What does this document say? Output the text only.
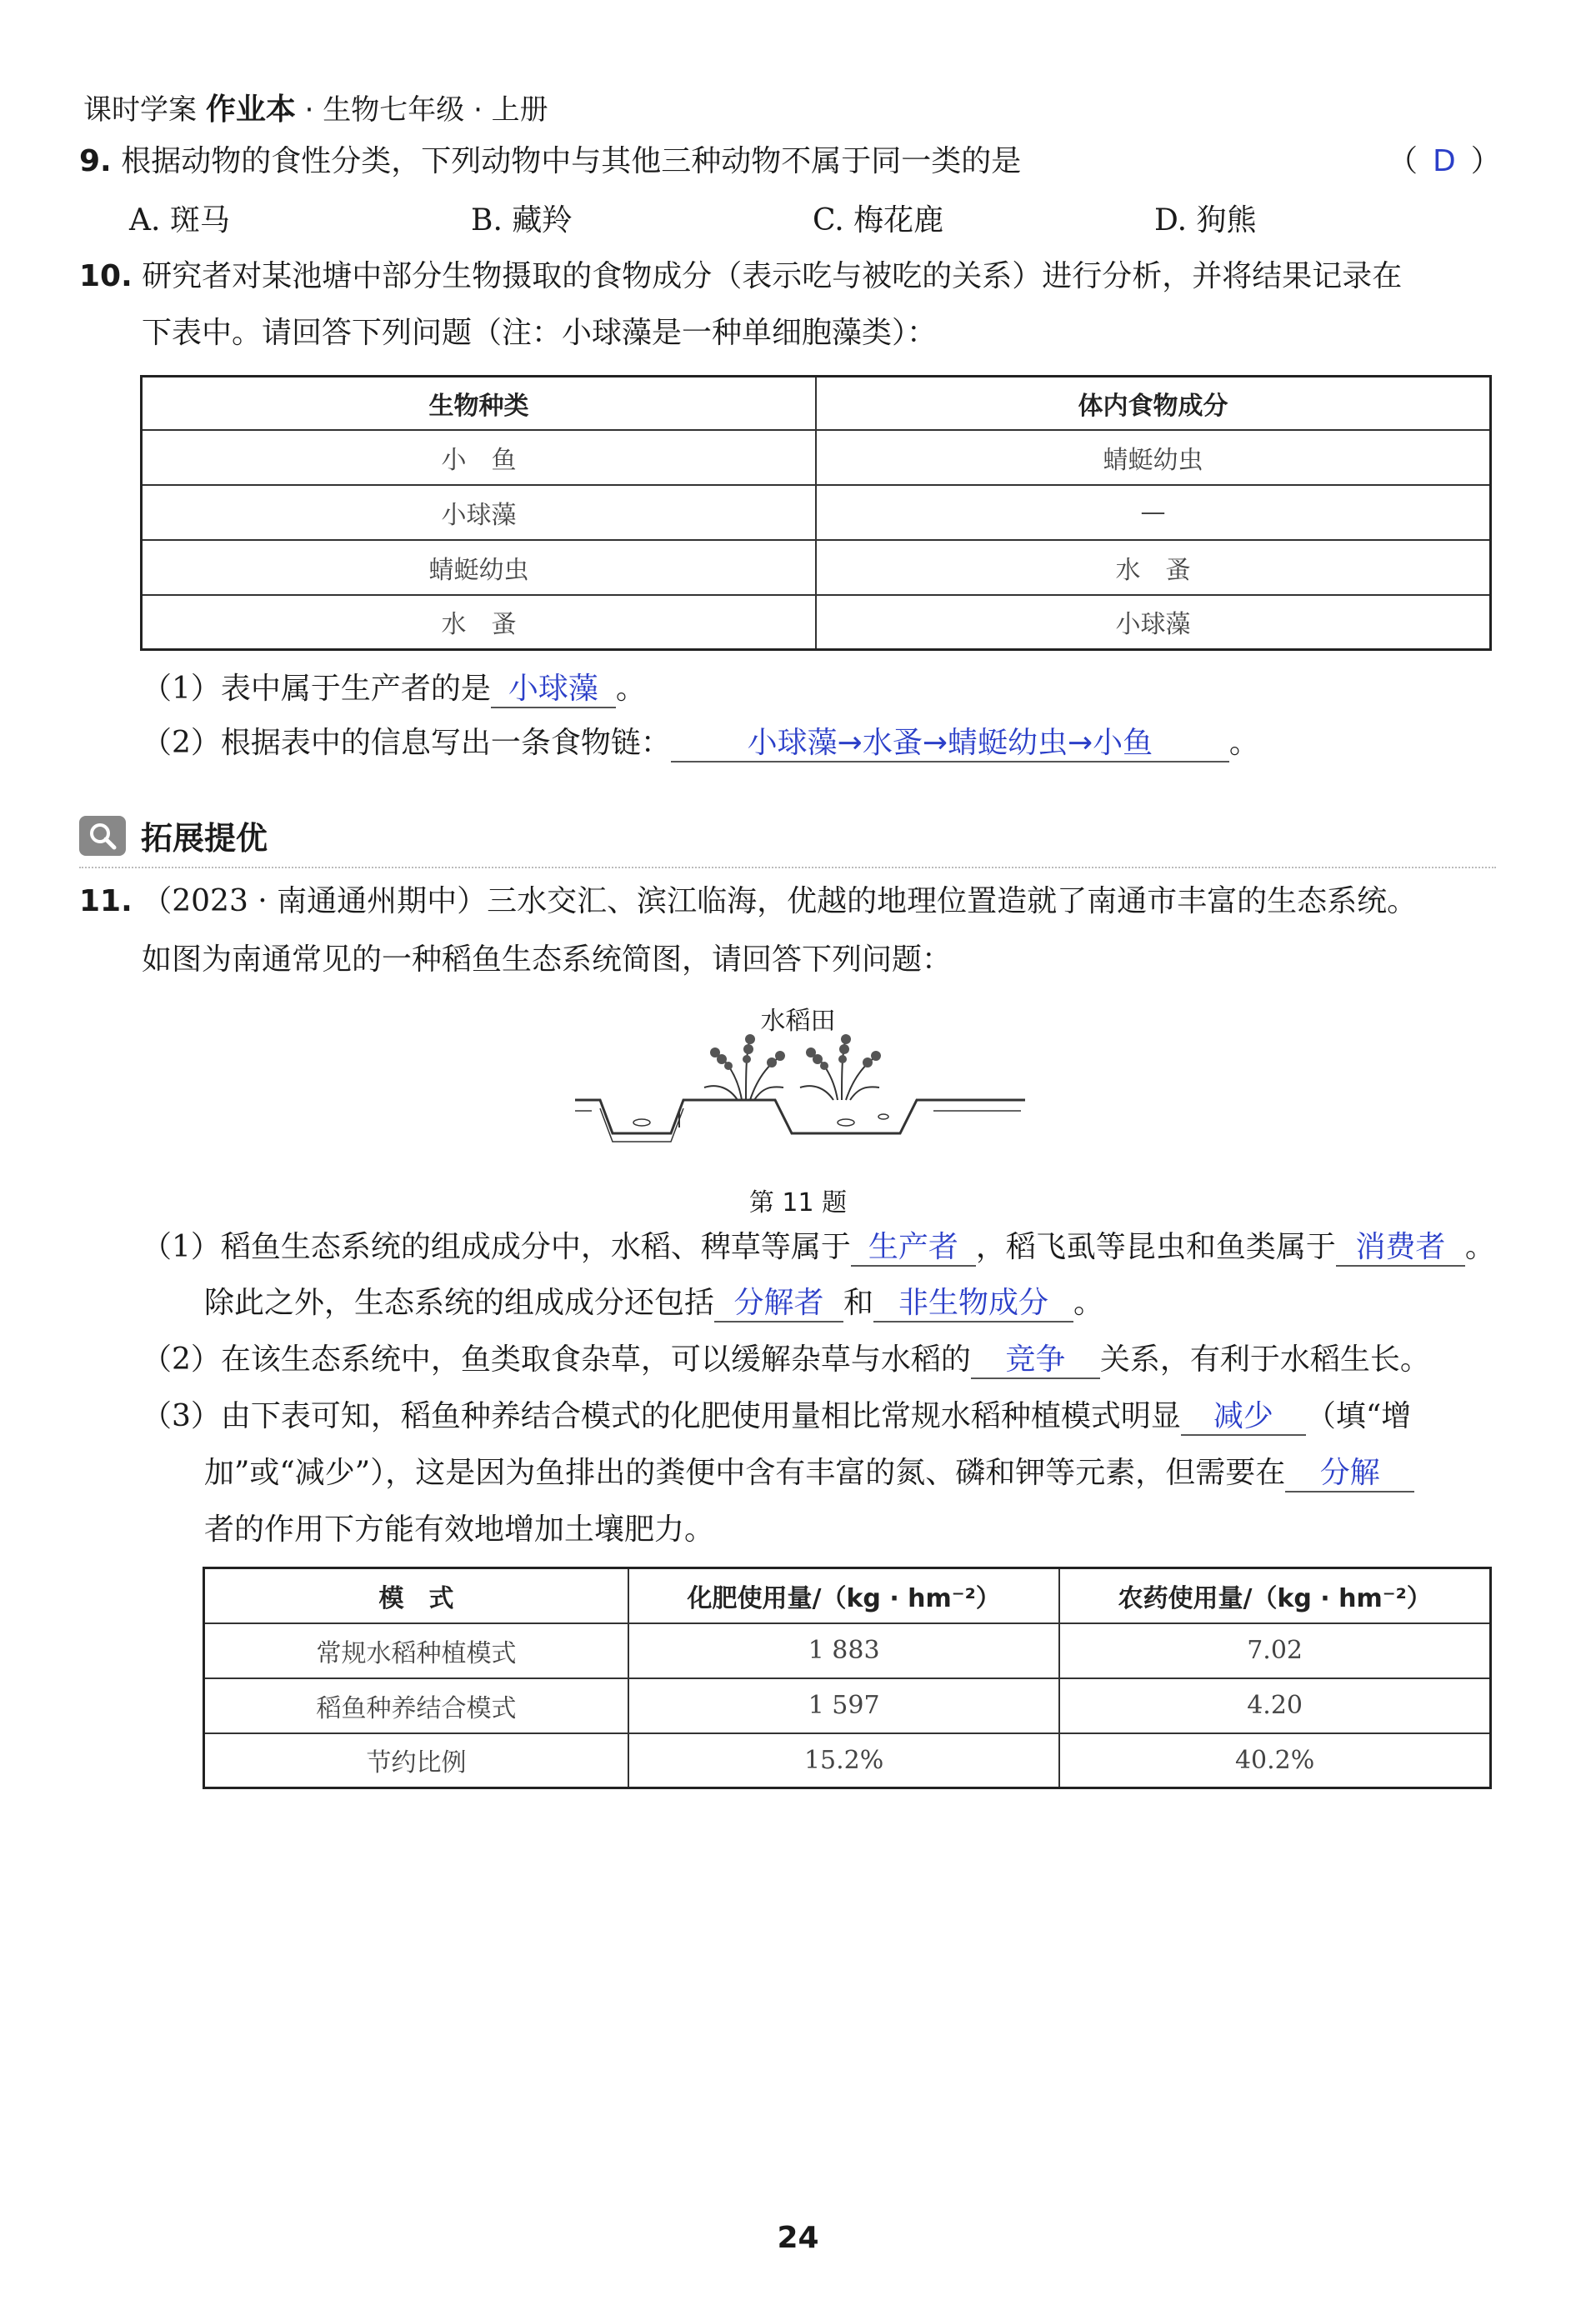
课时学案 作业本 · 生物七年级 · 上册
9. 根据动物的食性分类，下列动物中与其他三种动物不属于同一类的是	（ D ）
A. 斑马	B. 藏羚	C. 梅花鹿	D. 狗熊
10. 研究者对某池塘中部分生物摄取的食物成分（表示吃与被吃的关系）进行分析，并将结果记录在
下表中。请回答下列问题（注：小球藻是一种单细胞藻类）：
生物种类	体内食物成分
小　鱼	蜻蜓幼虫
小球藻	—
蜻蜓幼虫	水　蚤
水　蚤	小球藻
（1）表中属于生产者的是 小球藻 。
（2）根据表中的信息写出一条食物链：	小球藻→水蚤→蜻蜓幼虫→小鱼	。
拓展提优
11. （2023 · 南通通州期中）三水交汇、滨江临海，优越的地理位置造就了南通市丰富的生态系统。
如图为南通常见的一种稻鱼生态系统简图，请回答下列问题：
水稻田
第 11 题
（1）稻鱼生态系统的组成成分中，水稻、稗草等属于 生产者 ，稻飞虱等昆虫和鱼类属于 消费者 。
除此之外，生态系统的组成成分还包括 分解者 和 非生物成分 。
（2）在该生态系统中，鱼类取食杂草，可以缓解杂草与水稻的 竞争 关系，有利于水稻生长。
（3）由下表可知，稻鱼种养结合模式的化肥使用量相比常规水稻种植模式明显 减少 （填“增
加”或“减少”），这是因为鱼排出的粪便中含有丰富的氮、磷和钾等元素，但需要在 分解
者的作用下方能有效地增加土壤肥力。
模　式	化肥使用量/（kg · hm⁻²）	农药使用量/（kg · hm⁻²）
常规水稻种植模式	1 883	7.02
稻鱼种养结合模式	1 597	4.20
节约比例	15.2%	40.2%
24
